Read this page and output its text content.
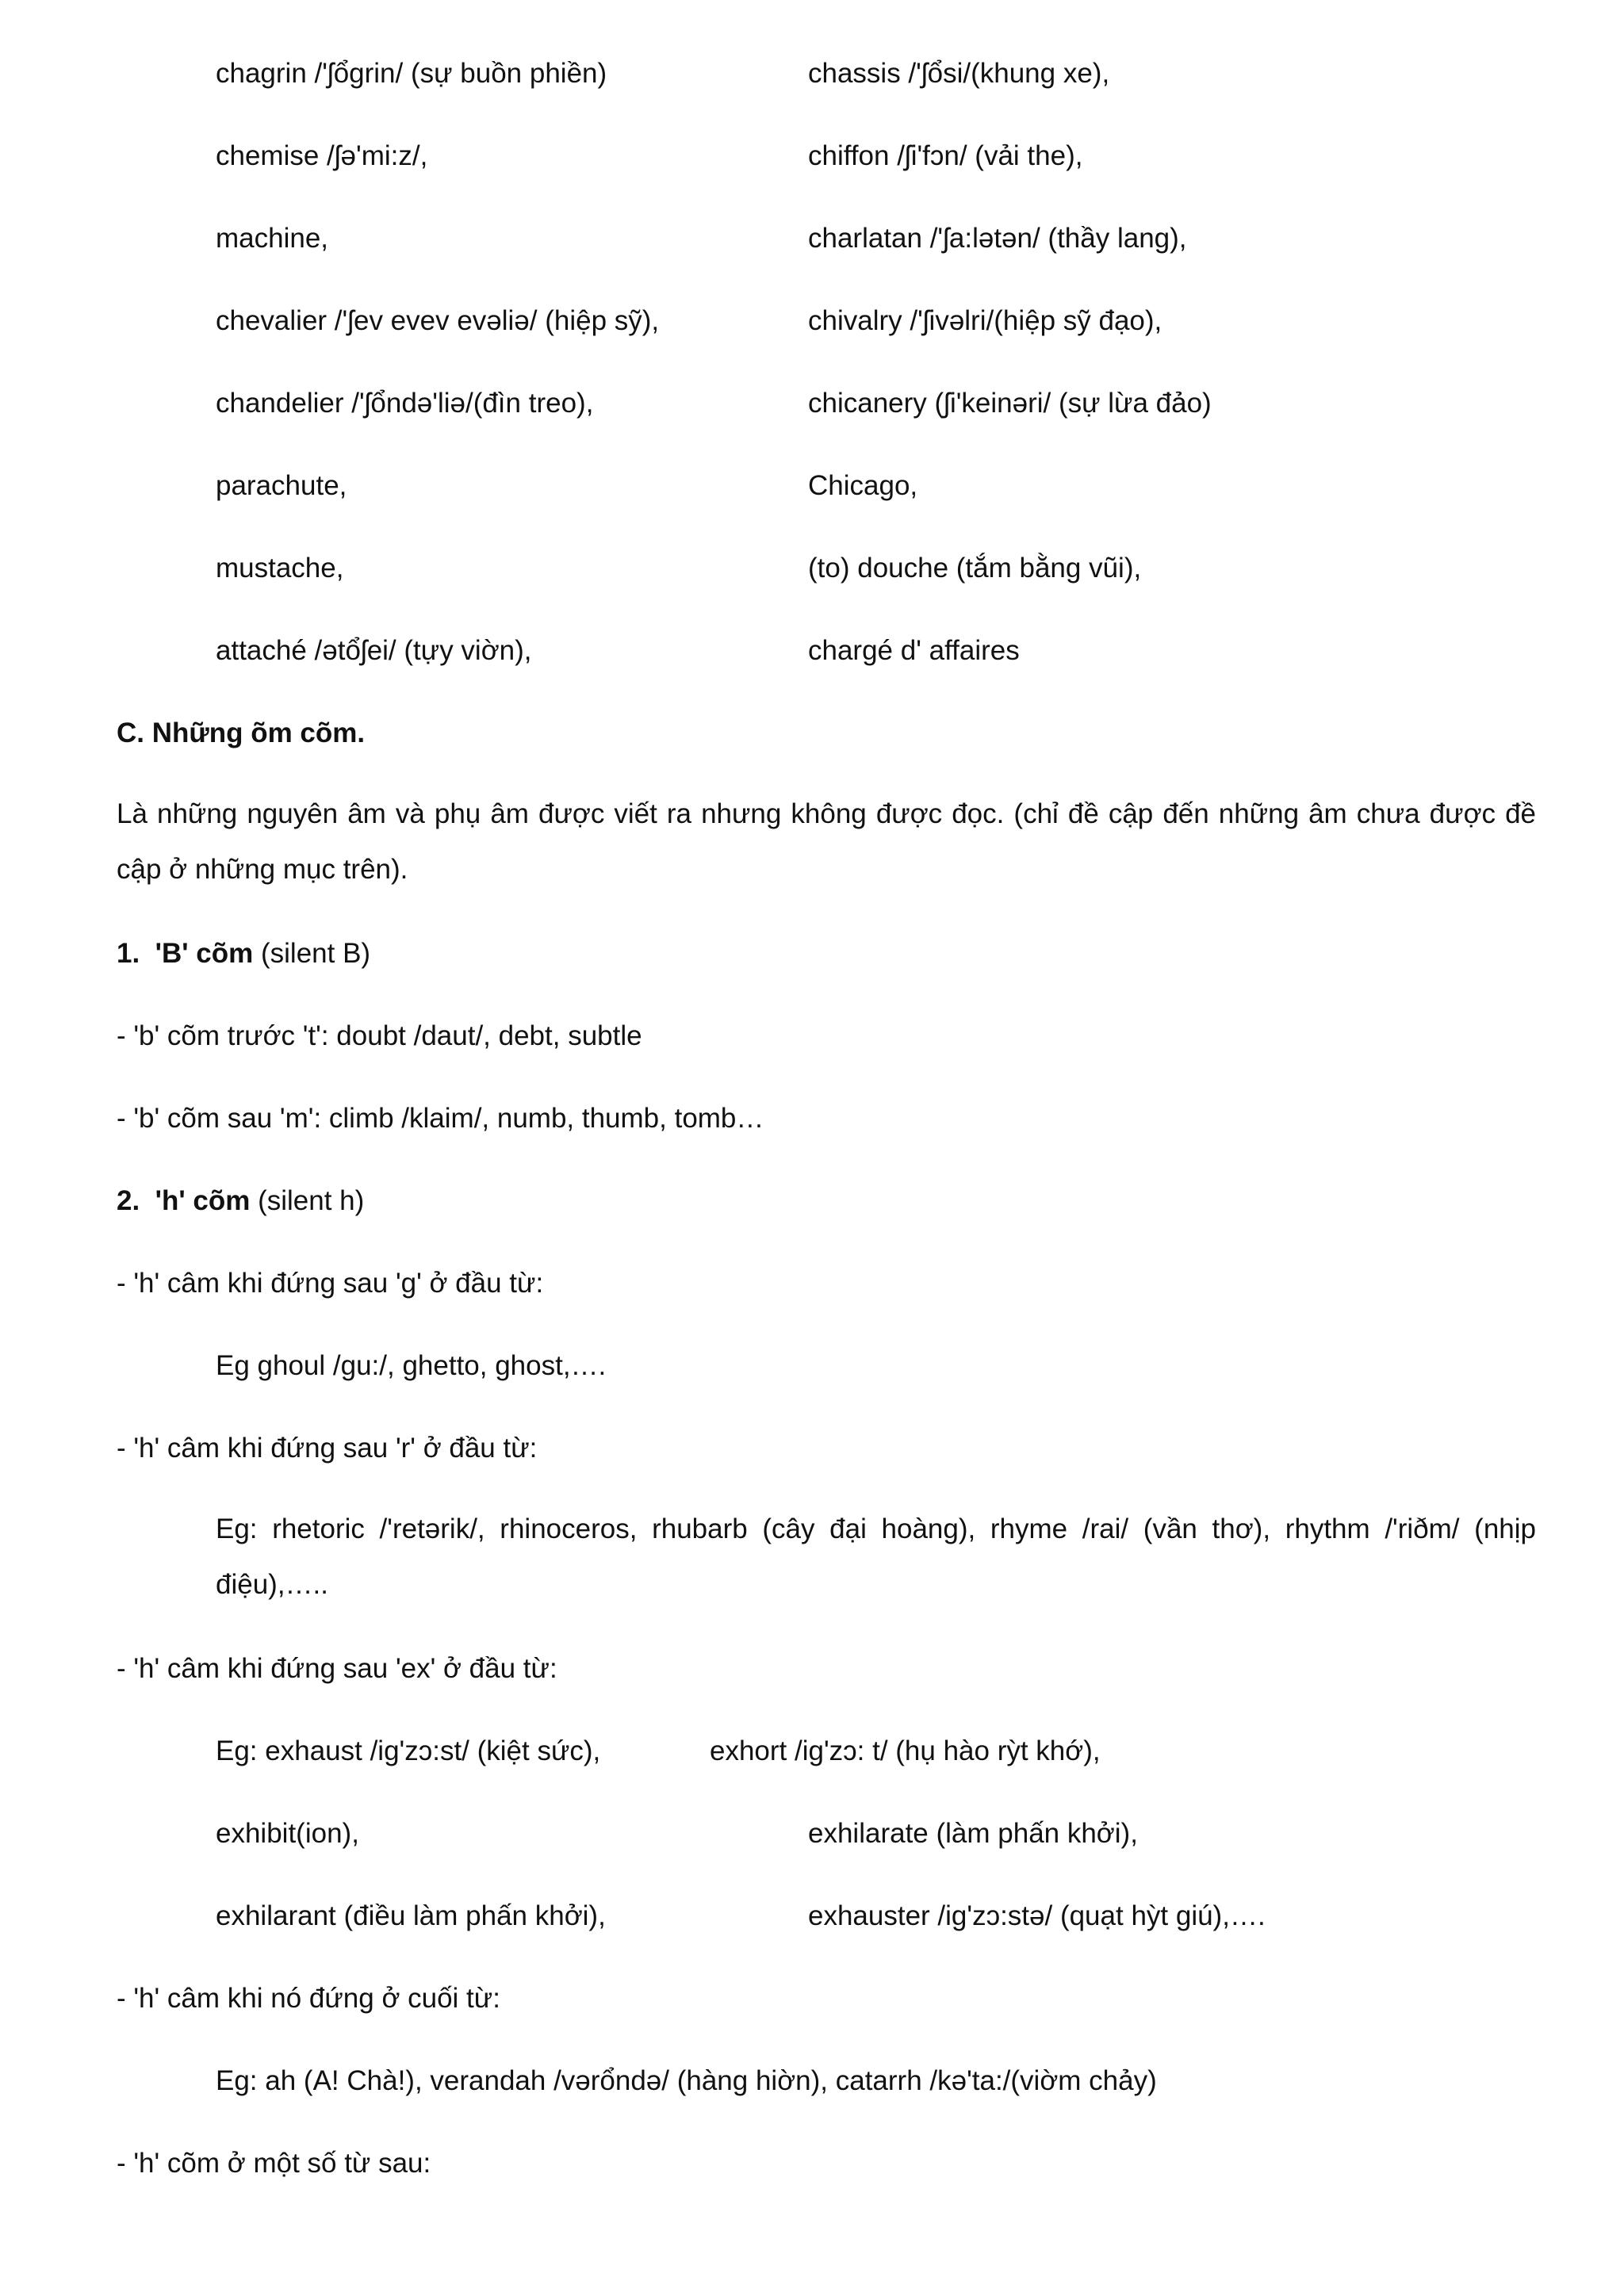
chagrin /'ʃổgrin/ (sự buồn phiền)	chassis /'ʃổsi/(khung xe),
chemise /ʃə'mi:z/,	chiffon /ʃi'fɔn/ (vải the),
machine,	charlatan /'ʃa:lətən/ (thầy lang),
chevalier /'ʃev evev evəliə/ (hiệp sỹ),	chivalry /'ʃivəlri/(hiệp sỹ đạo),
chandelier /'ʃổndə'liə/(đìn treo),	chicanery (ʃi'keinəri/ (sự lừa đảo)
parachute,	Chicago,
mustache,	(to) douche (tắm bằng vũi),
attaché /ətổʃei/ (tựy viờn),	chargé d' affaires
C. Những õm cõm.
Là những nguyên âm và phụ âm được viết ra nhưng không được đọc. (chỉ đề cập đến những âm chưa được đề cập ở những mục trên).
1. 'B' cõm (silent B)
- 'b' cõm trước 't': doubt /daut/, debt, subtle
- 'b' cõm sau 'm': climb /klaim/, numb, thumb, tomb…
2. 'h' cõm (silent h)
- 'h' câm khi đứng sau 'g' ở đầu từ:
Eg ghoul /gu:/, ghetto, ghost,….
- 'h' câm khi đứng sau 'r' ở đầu từ:
Eg: rhetoric /'retərik/, rhinoceros, rhubarb (cây đại hoàng), rhyme /rai/ (vần thơ), rhythm /'riðm/ (nhịp điệu),…..
- 'h' câm khi đứng sau 'ex' ở đầu từ:
Eg: exhaust /ig'zɔ:st/ (kiệt sức),	exhort /ig'zɔ: t/ (hụ hào rỳt khớ),
exhibit(ion),	exhilarate (làm phấn khởi),
exhilarant (điều làm phấn khởi),	exhauster /ig'zɔ:stə/ (quạt hỳt giú),….
- 'h' câm khi nó đứng ở cuối từ:
Eg: ah (A! Chà!), verandah /vərổndə/ (hàng hiờn), catarrh /kə'ta:/(viờm chảy)
- 'h' cõm ở một số từ sau:
